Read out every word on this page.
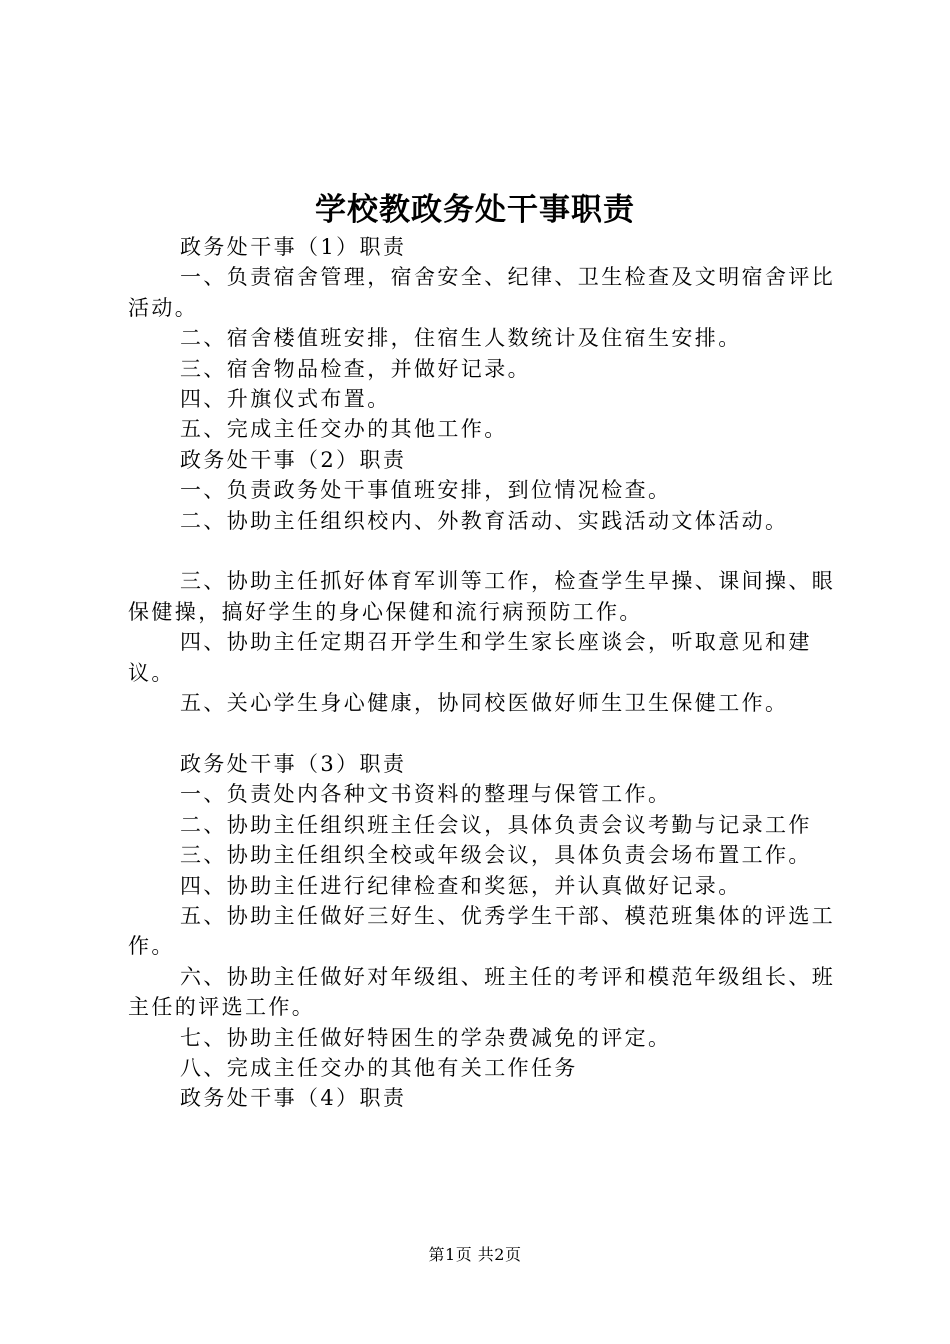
学校教政务处干事职责

政务处干事（1）职责

一、负责宿舍管理，宿舍安全、纪律、卫生检查及文明宿舍评比活动。

二、宿舍楼值班安排，住宿生人数统计及住宿生安排。

三、宿舍物品检查，并做好记录。

四、升旗仪式布置。

五、完成主任交办的其他工作。

政务处干事（2）职责

一、负责政务处干事值班安排，到位情况检查。

二、协助主任组织校内、外教育活动、实践活动文体活动。

三、协助主任抓好体育军训等工作，检查学生早操、课间操、眼保健操，搞好学生的身心保健和流行病预防工作。

四、协助主任定期召开学生和学生家长座谈会，听取意见和建议。

五、关心学生身心健康，协同校医做好师生卫生保健工作。

政务处干事（3）职责

一、负责处内各种文书资料的整理与保管工作。

二、协助主任组织班主任会议，具体负责会议考勤与记录工作

三、协助主任组织全校或年级会议，具体负责会场布置工作。

四、协助主任进行纪律检查和奖惩，并认真做好记录。

五、协助主任做好三好生、优秀学生干部、模范班集体的评选工作。

六、协助主任做好对年级组、班主任的考评和模范年级组长、班主任的评选工作。

七、协助主任做好特困生的学杂费减免的评定。

八、完成主任交办的其他有关工作任务

政务处干事（4）职责

第1页 共2页
